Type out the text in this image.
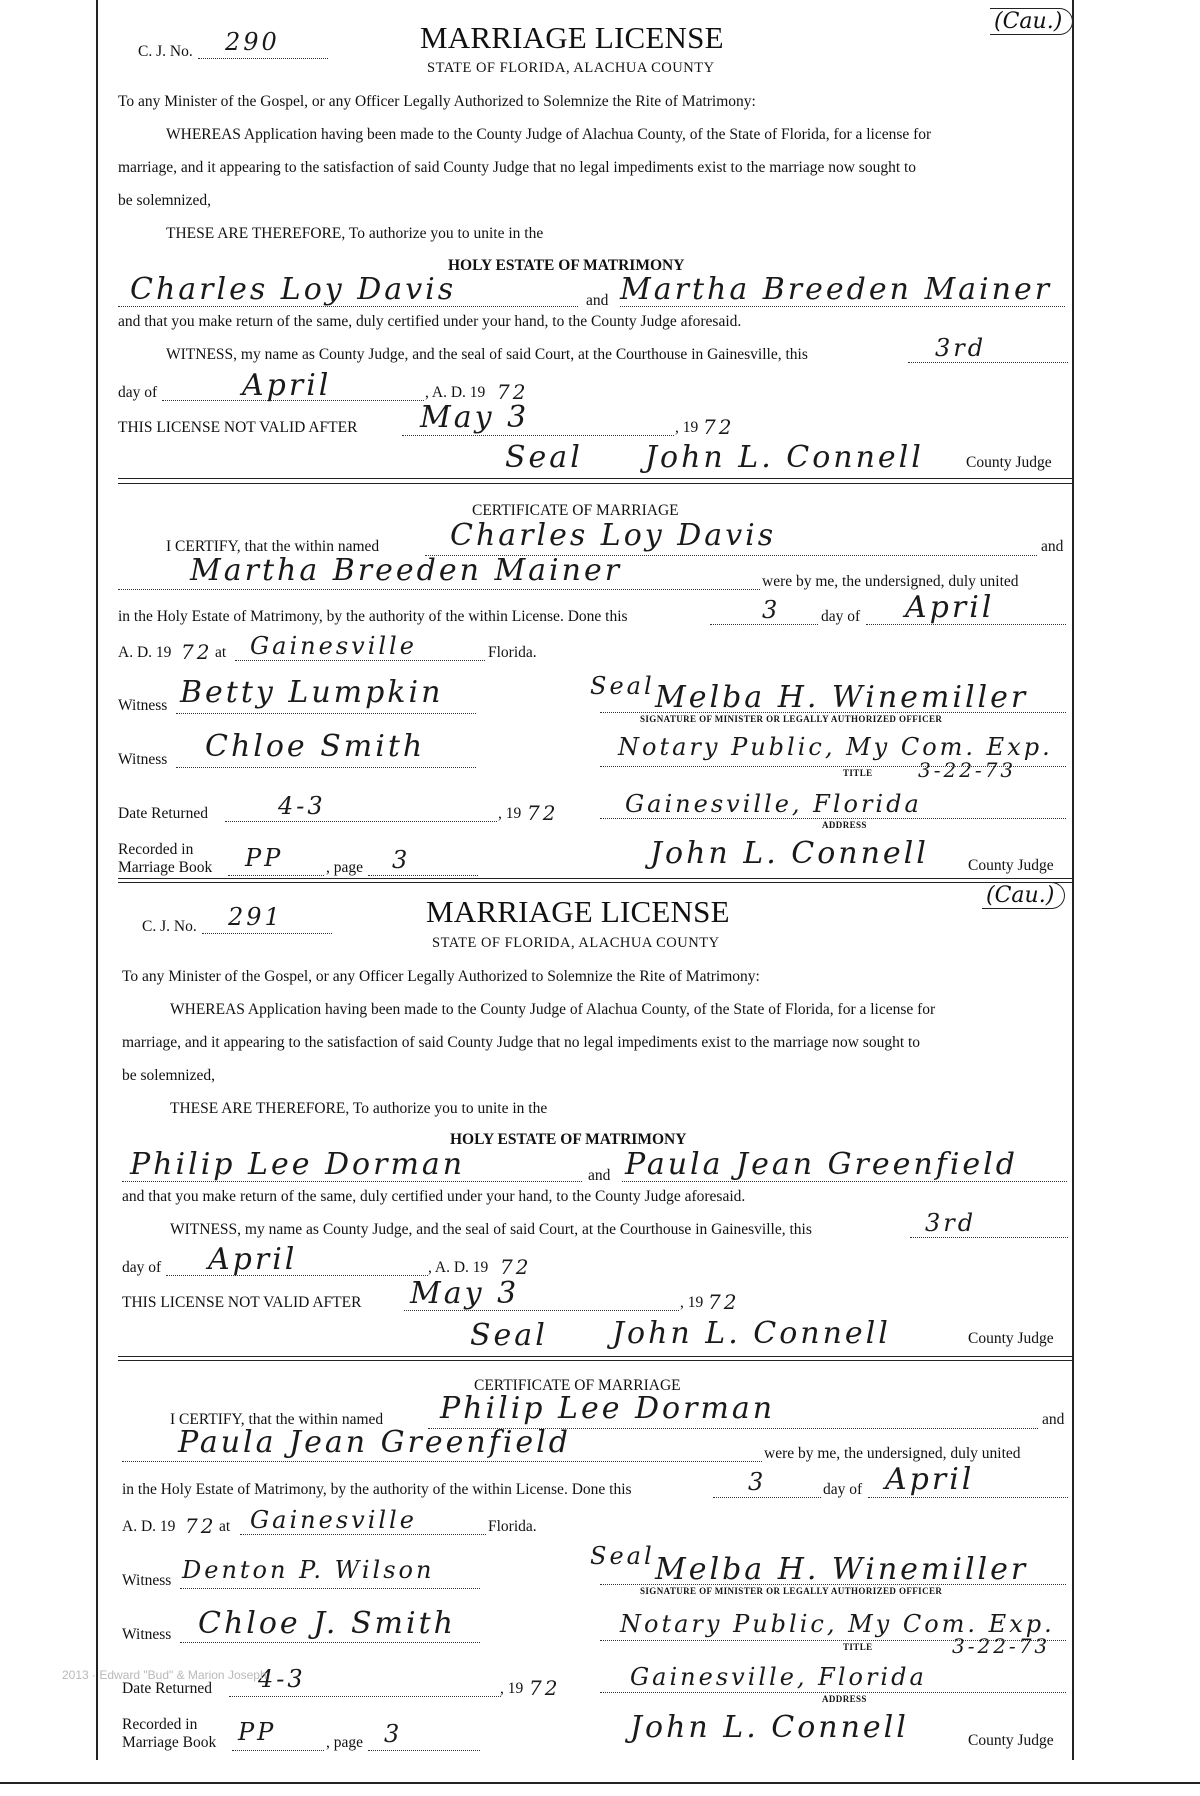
C. J. No. 290
(Cau.)
MARRIAGE LICENSE
STATE OF FLORIDA, ALACHUA COUNTY
To any Minister of the Gospel, or any Officer Legally Authorized to Solemnize the Rite of Matrimony:
WHEREAS Application having been made to the County Judge of Alachua County, of the State of Florida, for a license for
marriage, and it appearing to the satisfaction of said County Judge that no legal impediments exist to the marriage now sought to
be solemnized,
THESE ARE THEREFORE, To authorize you to unite in the
HOLY ESTATE OF MATRIMONY
Charles Loy Davis	and Martha Breeden Mainer
and that you make return of the same, duly certified under your hand, to the County Judge aforesaid.
WITNESS, my name as County Judge, and the seal of said Court, at the Courthouse in Gainesville, this	3rd
day of	April	, A. D. 19 72
THIS LICENSE NOT VALID AFTER May 3	, 19 72
Seal John L. Connell	County Judge
CERTIFICATE OF MARRIAGE
I CERTIFY, that the within named Charles Loy Davis	and
Martha Breeden Mainer	were by me, the undersigned, duly united
in the Holy Estate of Matrimony, by the authority of the within License. Done this	3	day of April
A. D. 19 72 at Gainesville	Florida.
Witness Betty Lumpkin	Seal Melba H. Winemiller
SIGNATURE OF MINISTER OR LEGALLY AUTHORIZED OFFICER
Witness Chloe Smith	Notary Public, My Com. Exp.
3-22-73
TITLE
Date Returned	4-3	, 19 72	Gainesville, Florida
ADDRESS
Recorded in
Marriage Book PP	, page 3	John L. Connell	County Judge
C. J. No. 291
(Cau.)
MARRIAGE LICENSE
STATE OF FLORIDA, ALACHUA COUNTY
To any Minister of the Gospel, or any Officer Legally Authorized to Solemnize the Rite of Matrimony:
WHEREAS Application having been made to the County Judge of Alachua County, of the State of Florida, for a license for
marriage, and it appearing to the satisfaction of said County Judge that no legal impediments exist to the marriage now sought to
be solemnized,
THESE ARE THEREFORE, To authorize you to unite in the
HOLY ESTATE OF MATRIMONY
Philip Lee Dorman	and Paula Jean Greenfield
and that you make return of the same, duly certified under your hand, to the County Judge aforesaid.
WITNESS, my name as County Judge, and the seal of said Court, at the Courthouse in Gainesville, this	3rd
day of April	, A. D. 19 72
THIS LICENSE NOT VALID AFTER May 3	, 19 72
Seal John L. Connell	County Judge
CERTIFICATE OF MARRIAGE
I CERTIFY, that the within named Philip Lee Dorman	and
Paula Jean Greenfield	were by me, the undersigned, duly united
in the Holy Estate of Matrimony, by the authority of the within License. Done this	3	day of April
A. D. 19 72 at Gainesville	Florida.
Witness Denton P. Wilson	Seal Melba H. Winemiller
SIGNATURE OF MINISTER OR LEGALLY AUTHORIZED OFFICER
Witness Chloe J. Smith	Notary Public, My Com. Exp.
3-22-73
TITLE
Date Returned 4-3	, 19 72	Gainesville, Florida
ADDRESS
Recorded in
Marriage Book PP	, page 3	John L. Connell	County Judge
2013 · Edward "Bud" & Marion Joseph
